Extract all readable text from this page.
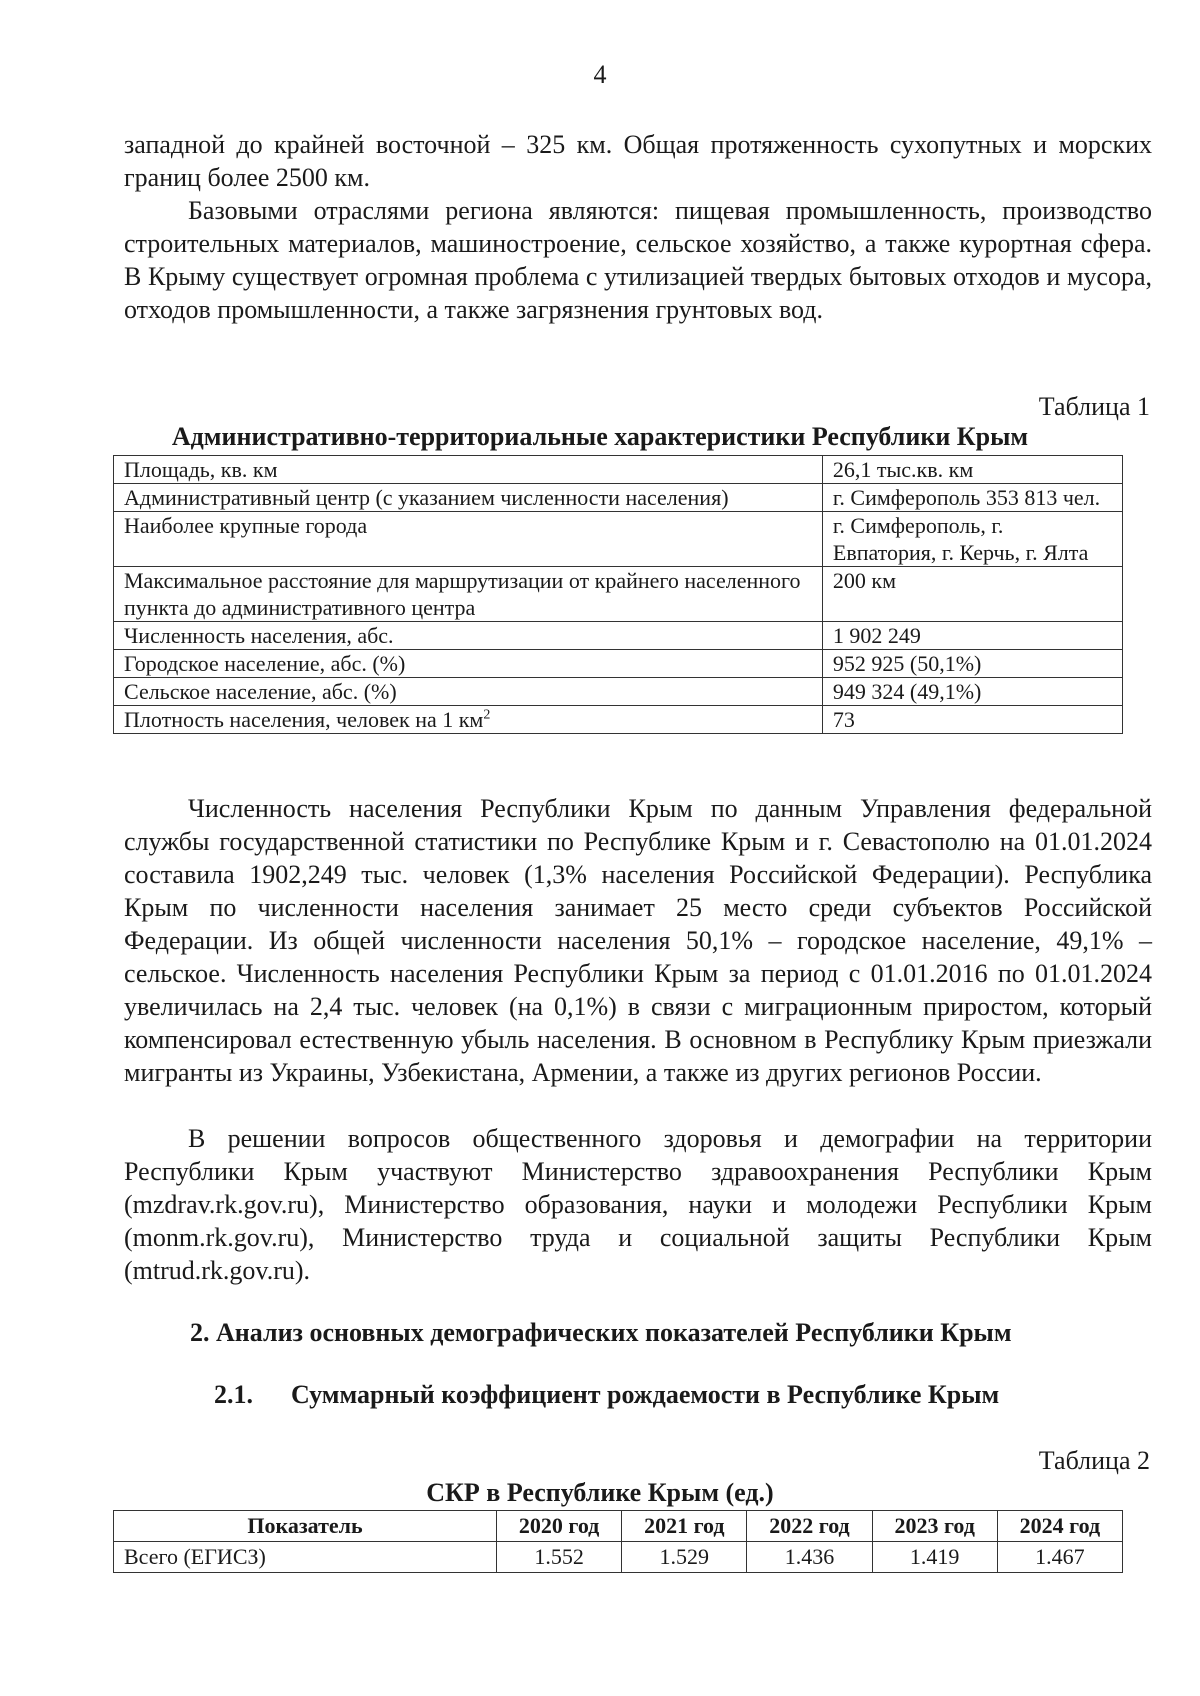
4

западной до крайней восточной – 325 км. Общая протяженность сухопутных и морских границ более 2500 км.

Базовыми отраслями региона являются: пищевая промышленность, производство строительных материалов, машиностроение, сельское хозяйство, а также курортная сфера. В Крыму существует огромная проблема с утилизацией твердых бытовых отходов и мусора, отходов промышленности, а также загрязнения грунтовых вод.

Таблица 1
Административно-территориальные характеристики Республики Крым
Площадь, кв. км	26,1 тыс.кв. км
Административный центр (с указанием численности населения)	г. Симферополь 353 813 чел.
Наиболее крупные города	г. Симферополь, г. Евпатория, г. Керчь, г. Ялта
Максимальное расстояние для маршрутизации от крайнего населенного пункта до административного центра	200 км
Численность населения, абс.	1 902 249
Городское население, абс. (%)	952 925 (50,1%)
Сельское население, абс. (%)	949 324 (49,1%)
Плотность населения, человек на 1 $км^2$	73

Численность населения Республики Крым по данным Управления федеральной службы государственной статистики по Республике Крым и г. Севастополю на 01.01.2024 составила 1902,249 тыс. человек (1,3% населения Российской Федерации). Республика Крым по численности населения занимает 25 место среди субъектов Российской Федерации. Из общей численности населения 50,1% – городское население, 49,1% – сельское. Численность населения Республики Крым за период с 01.01.2016 по 01.01.2024 увеличилась на 2,4 тыс. человек (на 0,1%) в связи с миграционным приростом, который компенсировал естественную убыль населения. В основном в Республику Крым приезжали мигранты из Украины, Узбекистана, Армении, а также из других регионов России.

В решении вопросов общественного здоровья и демографии на территории Республики Крым участвуют Министерство здравоохранения Республики Крым (mzdrav.rk.gov.ru), Министерство образования, науки и молодежи Республики Крым (monm.rk.gov.ru), Министерство труда и социальной защиты Республики Крым (mtrud.rk.gov.ru).

2. Анализ основных демографических показателей Республики Крым
2.1. Суммарный коэффициент рождаемости в Республике Крым
Таблица 2
СКР в Республике Крым (ед.)
Показатель	2020 год	2021 год	2022 год	2023 год	2024 год
Всего (ЕГИСЗ)	1.552	1.529	1.436	1.419	1.467
